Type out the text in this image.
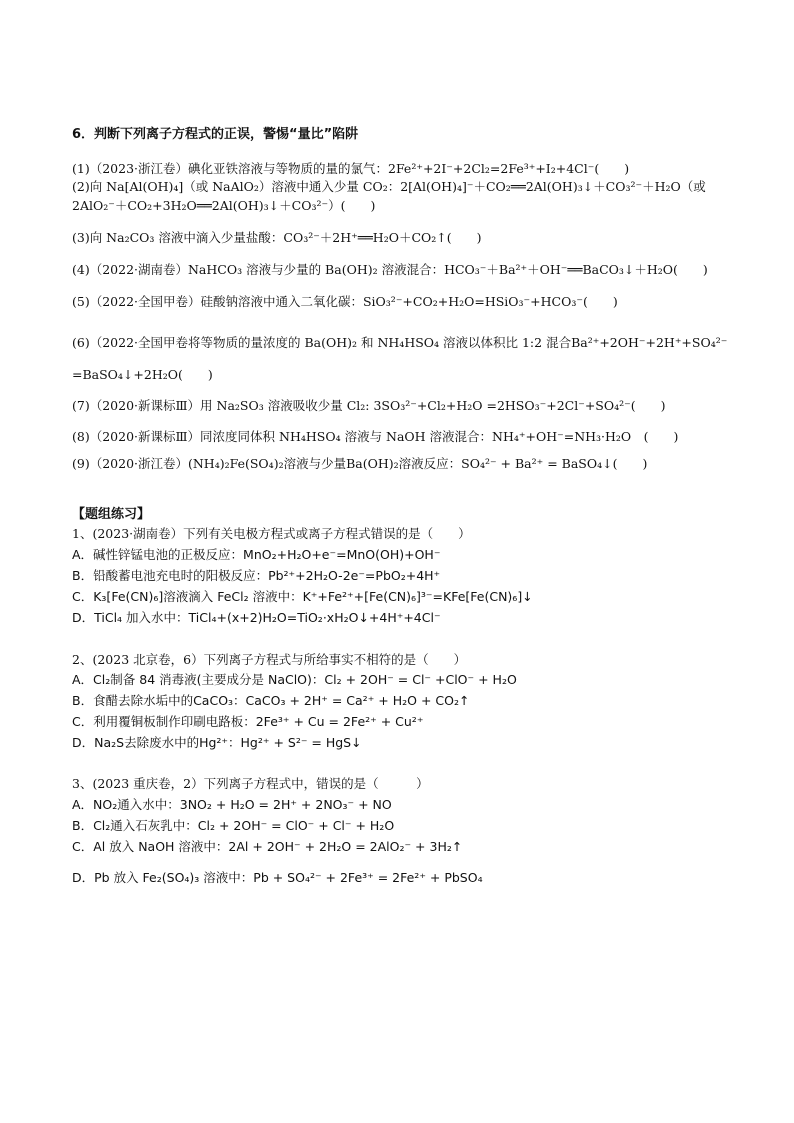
6．判断下列离子方程式的正误，警惕“量比”陷阱
(1)（2023·浙江卷）碘化亚铁溶液与等物质的量的氯气：2Fe²⁺+2I⁻+2Cl₂=2Fe³⁺+I₂+4Cl⁻(　　)
(2)向 Na[Al(OH)₄]（或 NaAlO₂）溶液中通入少量 CO₂：2[Al(OH)₄]⁻＋CO₂══2Al(OH)₃↓＋CO₃²⁻＋H₂O（或
2AlO₂⁻＋CO₂+3H₂O══2Al(OH)₃↓＋CO₃²⁻）(　　)
(3)向 Na₂CO₃ 溶液中滴入少量盐酸：CO₃²⁻＋2H⁺══H₂O＋CO₂↑(　　)
(4)（2022·湖南卷）NaHCO₃ 溶液与少量的 Ba(OH)₂ 溶液混合：HCO₃⁻＋Ba²⁺＋OH⁻══BaCO₃↓＋H₂O(　　)
(5)（2022·全国甲卷）硅酸钠溶液中通入二氧化碳：SiO₃²⁻+CO₂+H₂O=HSiO₃⁻+HCO₃⁻(　　)
(6)（2022·全国甲卷将等物质的量浓度的 Ba(OH)₂ 和 NH₄HSO₄ 溶液以体积比 1:2 混合Ba²⁺+2OH⁻+2H⁺+SO₄²⁻
=BaSO₄↓+2H₂O(　　)
(7)（2020·新课标Ⅲ）用 Na₂SO₃ 溶液吸收少量 Cl₂: 3SO₃²⁻+Cl₂+H₂O =2HSO₃⁻+2Cl⁻+SO₄²⁻(　　)
(8)（2020·新课标Ⅲ）同浓度同体积 NH₄HSO₄ 溶液与 NaOH 溶液混合：NH₄⁺+OH⁻=NH₃·H₂O　(　　)
(9)（2020·浙江卷）(NH₄)₂Fe(SO₄)₂溶液与少量Ba(OH)₂溶液反应：SO₄²⁻ + Ba²⁺ = BaSO₄↓(　　)
【题组练习】
1、(2023·湖南卷）下列有关电极方程式或离子方程式错误的是（　　）
A．碱性锌锰电池的正极反应：MnO₂+H₂O+e⁻=MnO(OH)+OH⁻
B．铅酸蓄电池充电时的阳极反应：Pb²⁺+2H₂O-2e⁻=PbO₂+4H⁺
C．K₃[Fe(CN)₆]溶液滴入 FeCl₂ 溶液中：K⁺+Fe²⁺+[Fe(CN)₆]³⁻=KFe[Fe(CN)₆]↓
D．TiCl₄ 加入水中：TiCl₄+(x+2)H₂O=TiO₂·xH₂O↓+4H⁺+4Cl⁻
2、(2023 北京卷，6）下列离子方程式与所给事实不相符的是（　　）
A．Cl₂制备 84 消毒液(主要成分是 NaClO)：Cl₂ + 2OH⁻ = Cl⁻ +ClO⁻ + H₂O
B．食醋去除水垢中的CaCO₃：CaCO₃ + 2H⁺ = Ca²⁺ + H₂O + CO₂↑
C．利用覆铜板制作印刷电路板：2Fe³⁺ + Cu = 2Fe²⁺ + Cu²⁺
D．Na₂S去除废水中的Hg²⁺：Hg²⁺ + S²⁻ = HgS↓
3、(2023 重庆卷，2）下列离子方程式中，错误的是（　　　）
A．NO₂通入水中：3NO₂ + H₂O = 2H⁺ + 2NO₃⁻ + NO
B．Cl₂通入石灰乳中：Cl₂ + 2OH⁻ = ClO⁻ + Cl⁻ + H₂O
C．Al 放入 NaOH 溶液中：2Al + 2OH⁻ + 2H₂O = 2AlO₂⁻ + 3H₂↑
D．Pb 放入 Fe₂(SO₄)₃ 溶液中：Pb + SO₄²⁻ + 2Fe³⁺ = 2Fe²⁺ + PbSO₄
